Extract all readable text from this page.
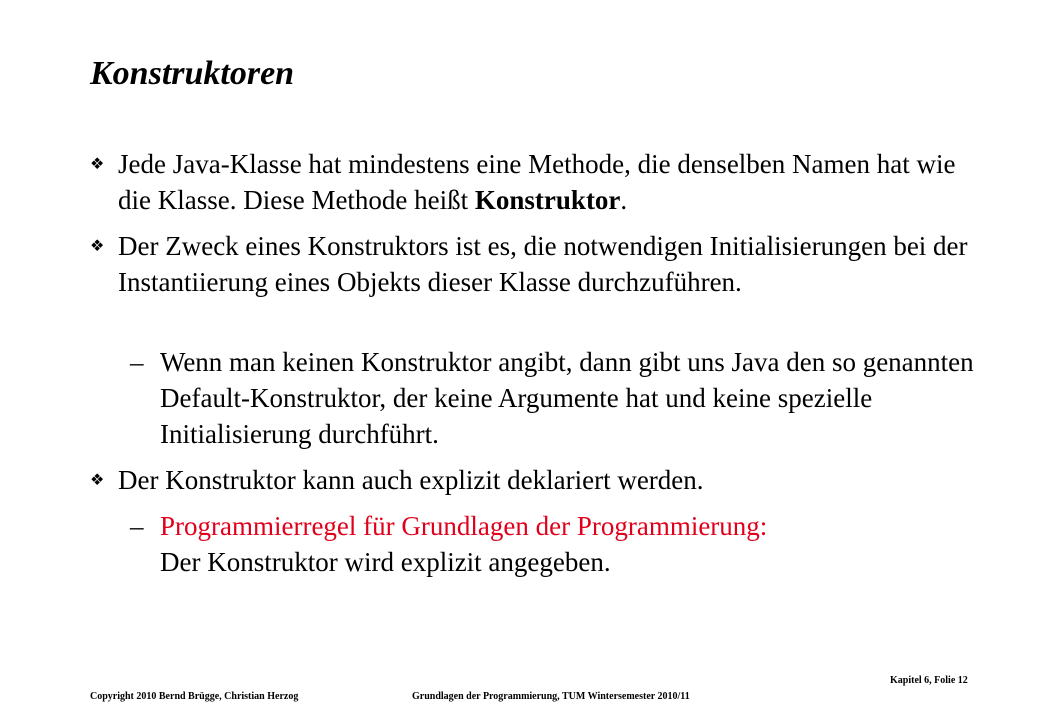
Konstruktoren
❖ Jede Java-Klasse hat mindestens eine Methode, die denselben Namen hat wie die Klasse. Diese Methode heißt Konstruktor.
❖ Der Zweck eines Konstruktors ist es, die notwendigen Initialisierungen bei der Instantiierung eines Objekts dieser Klasse durchzuführen.
– Wenn man keinen Konstruktor angibt, dann gibt uns Java den so genannten Default-Konstruktor, der keine Argumente hat und keine spezielle Initialisierung durchführt.
❖ Der Konstruktor kann auch explizit deklariert werden.
– Programmierregel für Grundlagen der Programmierung:
Der Konstruktor wird explizit angegeben.
Copyright 2010 Bernd Brügge, Christian Herzog	Grundlagen der Programmierung, TUM Wintersemester 2010/11
Kapitel 6, Folie 12
